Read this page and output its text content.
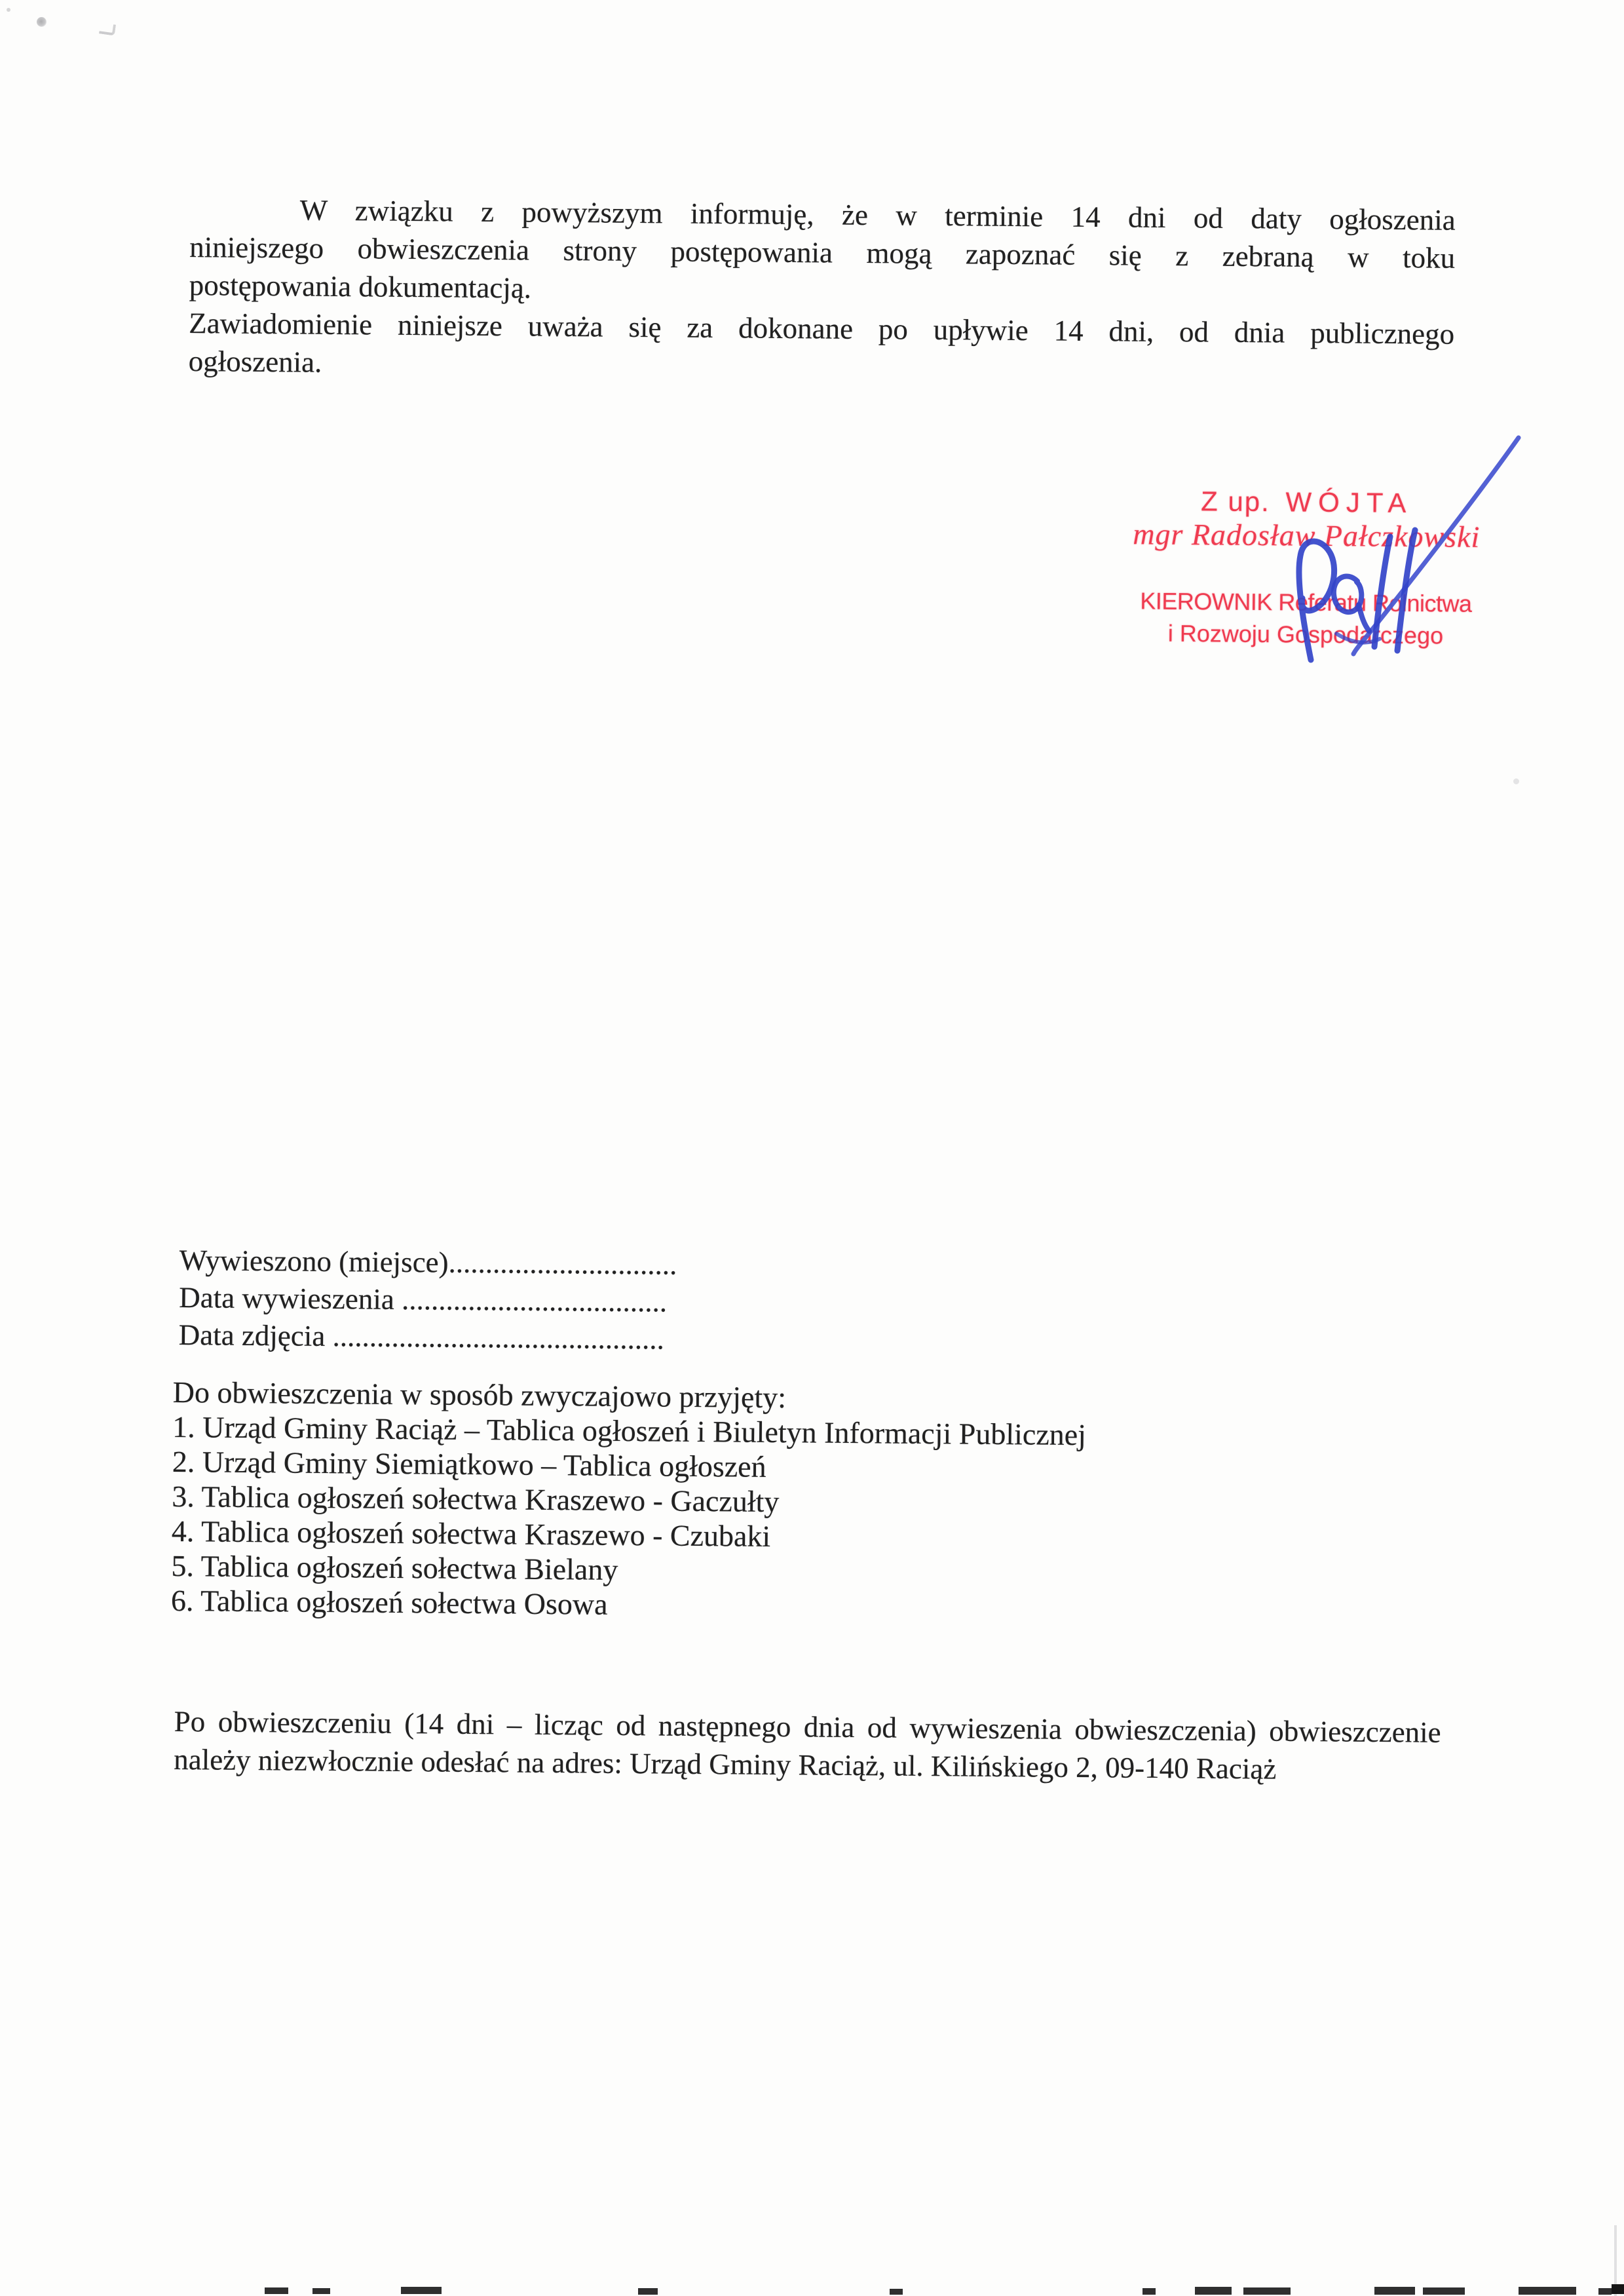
W związku z powyższym informuję, że w terminie 14 dni od daty ogłoszenia
niniejszego obwieszczenia strony postępowania mogą zapoznać się z zebraną w toku
postępowania dokumentacją.
Zawiadomienie niniejsze uważa się za dokonane po upływie 14 dni, od dnia publicznego
ogłoszenia.
Z up. WÓJTA
mgr Radosław Pałczkowski
KIEROWNIK Referatu Rolnictwa
i Rozwoju Gospodarczego
Wywieszono (miejsce)...............................
Data wywieszenia ....................................
Data zdjęcia .............................................
Do obwieszczenia w sposób zwyczajowo przyjęty:
1. Urząd Gminy Raciąż – Tablica ogłoszeń i Biuletyn Informacji Publicznej
2. Urząd Gminy Siemiątkowo – Tablica ogłoszeń
3. Tablica ogłoszeń sołectwa Kraszewo - Gaczułty
4. Tablica ogłoszeń sołectwa Kraszewo - Czubaki
5. Tablica ogłoszeń sołectwa Bielany
6. Tablica ogłoszeń sołectwa Osowa
Po obwieszczeniu (14 dni – licząc od następnego dnia od wywieszenia obwieszczenia) obwieszczenie
należy niezwłocznie odesłać na adres: Urząd Gminy Raciąż, ul. Kilińskiego 2, 09-140 Raciąż
